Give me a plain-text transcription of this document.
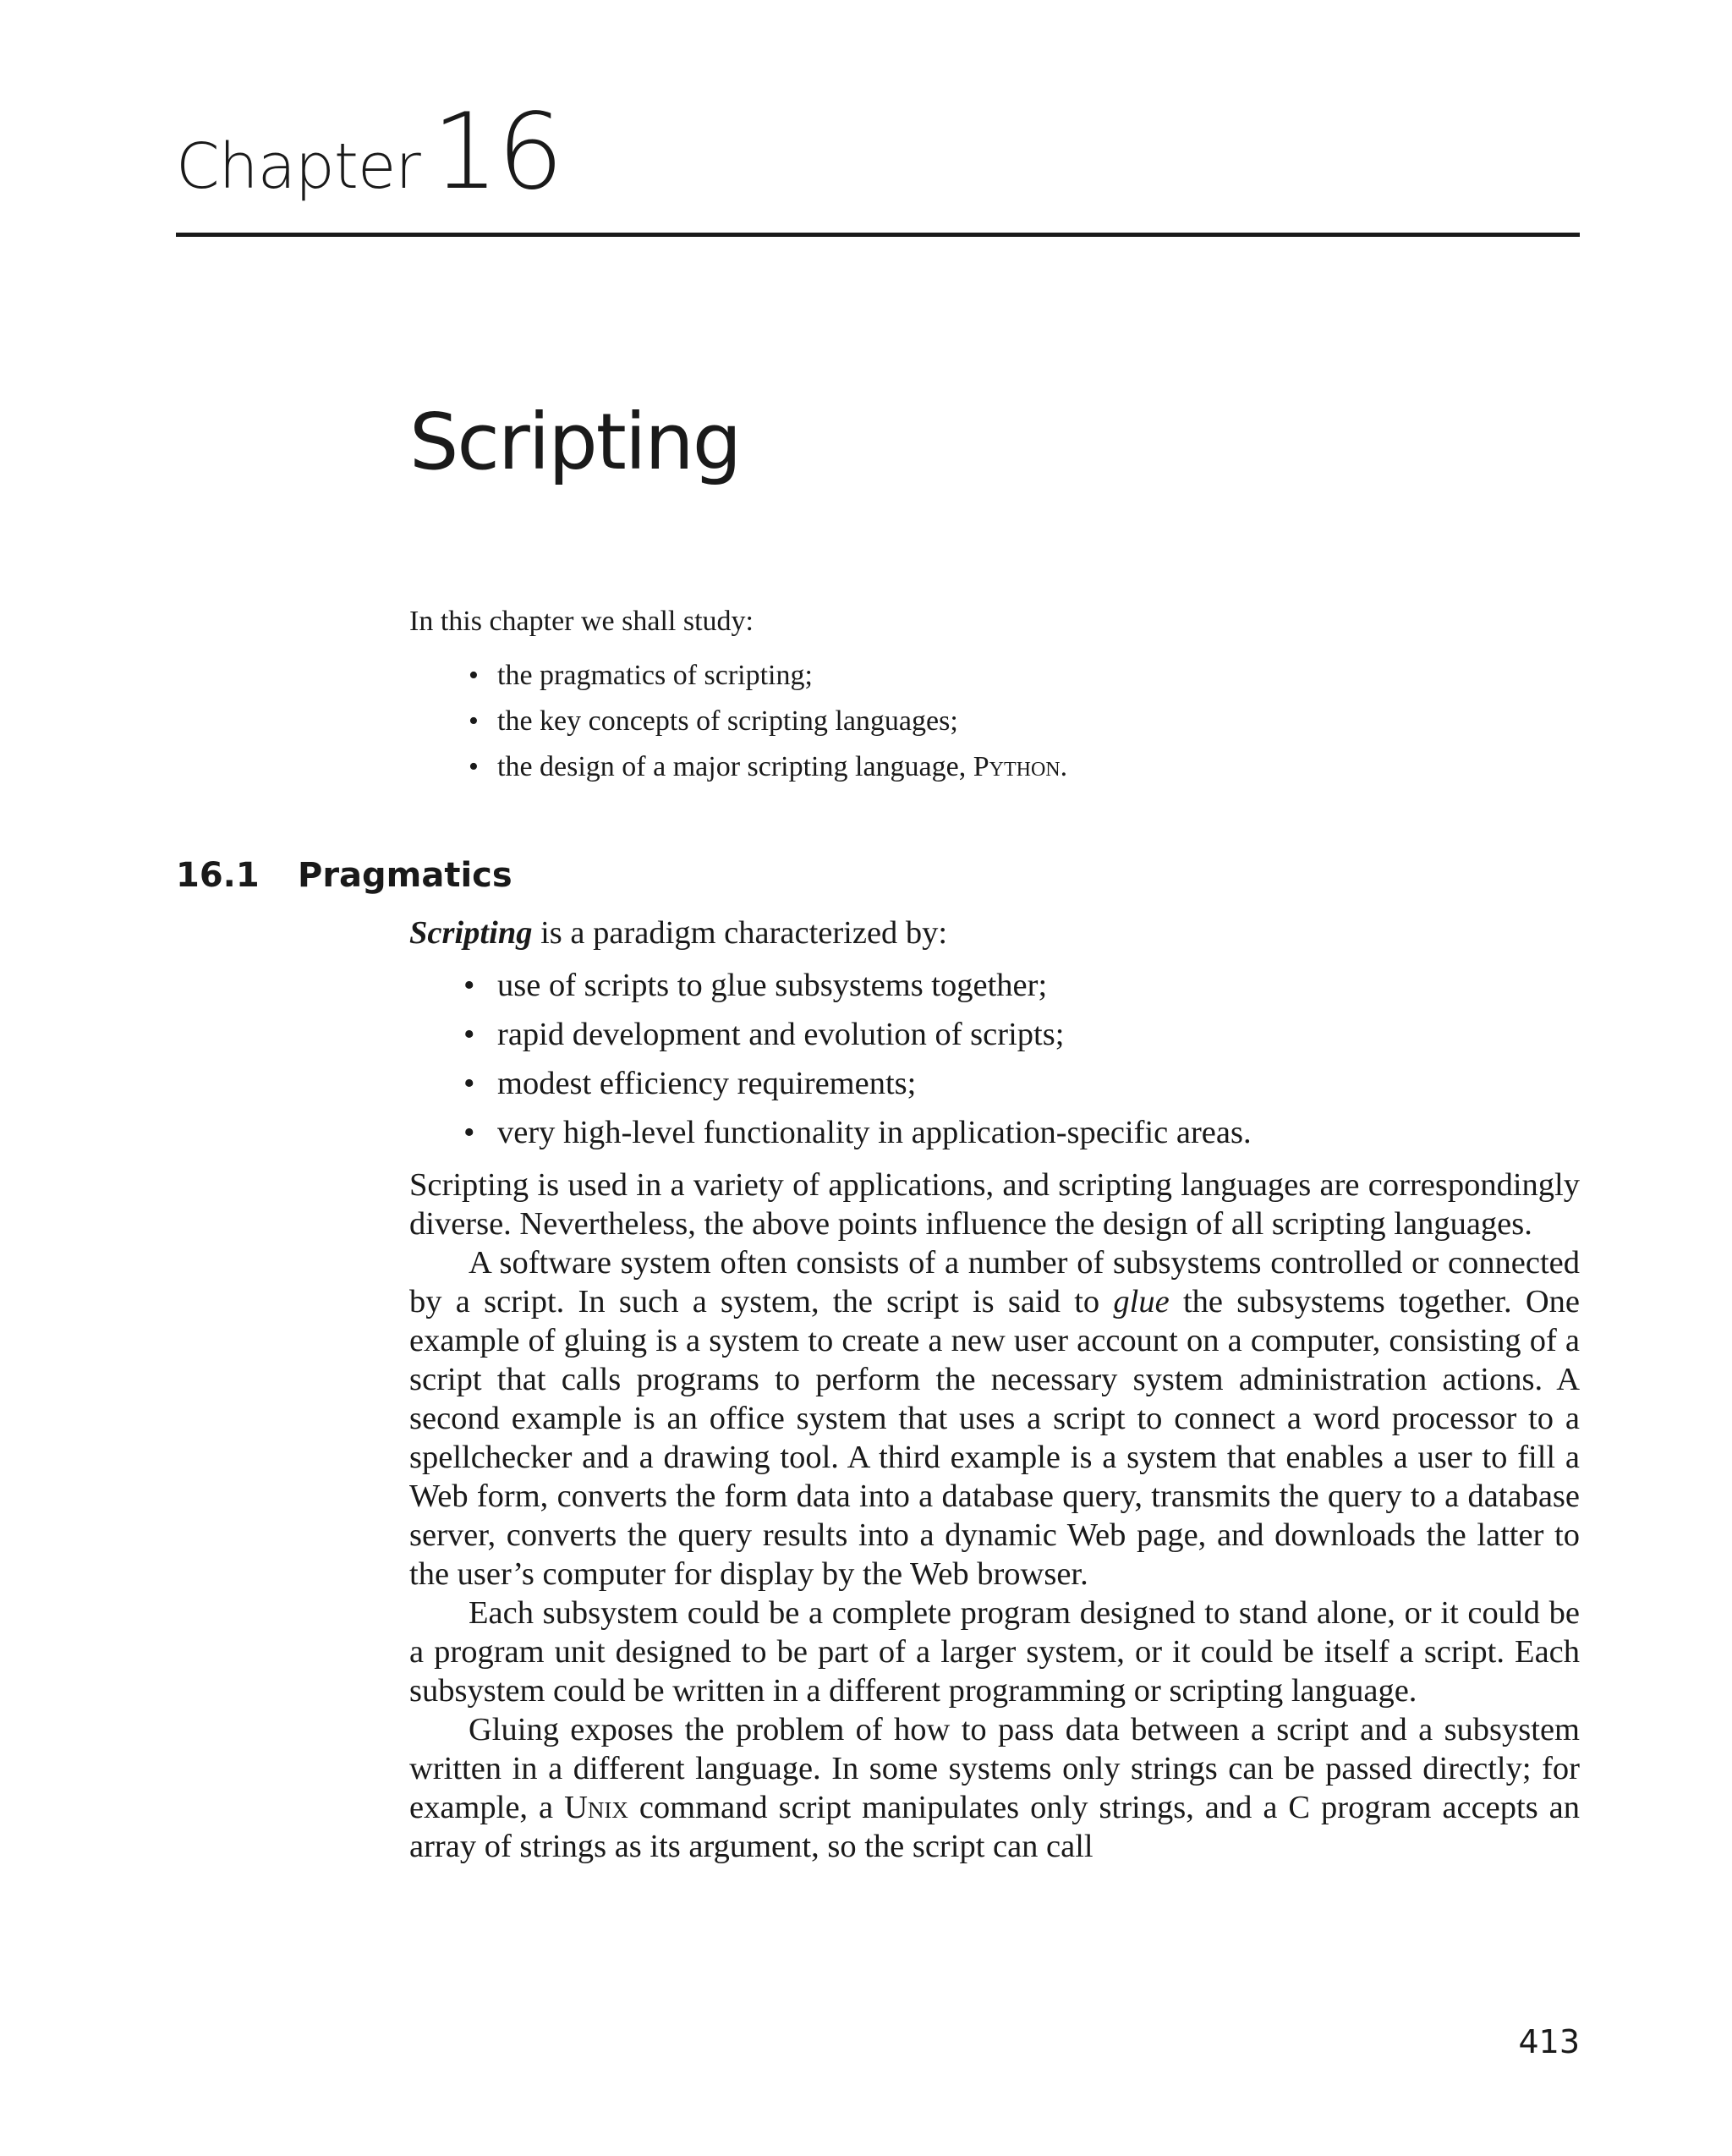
Chapter 16
Scripting
In this chapter we shall study:
• the pragmatics of scripting;
• the key concepts of scripting languages;
• the design of a major scripting language, Python.
16.1 Pragmatics

Scripting is a paradigm characterized by:

• use of scripts to glue subsystems together;
• rapid development and evolution of scripts;
• modest efficiency requirements;
• very high-level functionality in application-specific areas.

Scripting is used in a variety of applications, and scripting languages are correspondingly diverse. Nevertheless, the above points influence the design of all scripting languages.

A software system often consists of a number of subsystems controlled or connected by a script. In such a system, the script is said to glue the subsystems together. One example of gluing is a system to create a new user account on a computer, consisting of a script that calls programs to perform the necessary system administration actions. A second example is an office system that uses a script to connect a word processor to a spellchecker and a drawing tool. A third example is a system that enables a user to fill a Web form, converts the form data into a database query, transmits the query to a database server, converts the query results into a dynamic Web page, and downloads the latter to the user’s computer for display by the Web browser.

Each subsystem could be a complete program designed to stand alone, or it could be a program unit designed to be part of a larger system, or it could be itself a script. Each subsystem could be written in a different programming or scripting language.

Gluing exposes the problem of how to pass data between a script and a subsystem written in a different language. In some systems only strings can be passed directly; for example, a Unix command script manipulates only strings, and a C program accepts an array of strings as its argument, so the script can call

413
